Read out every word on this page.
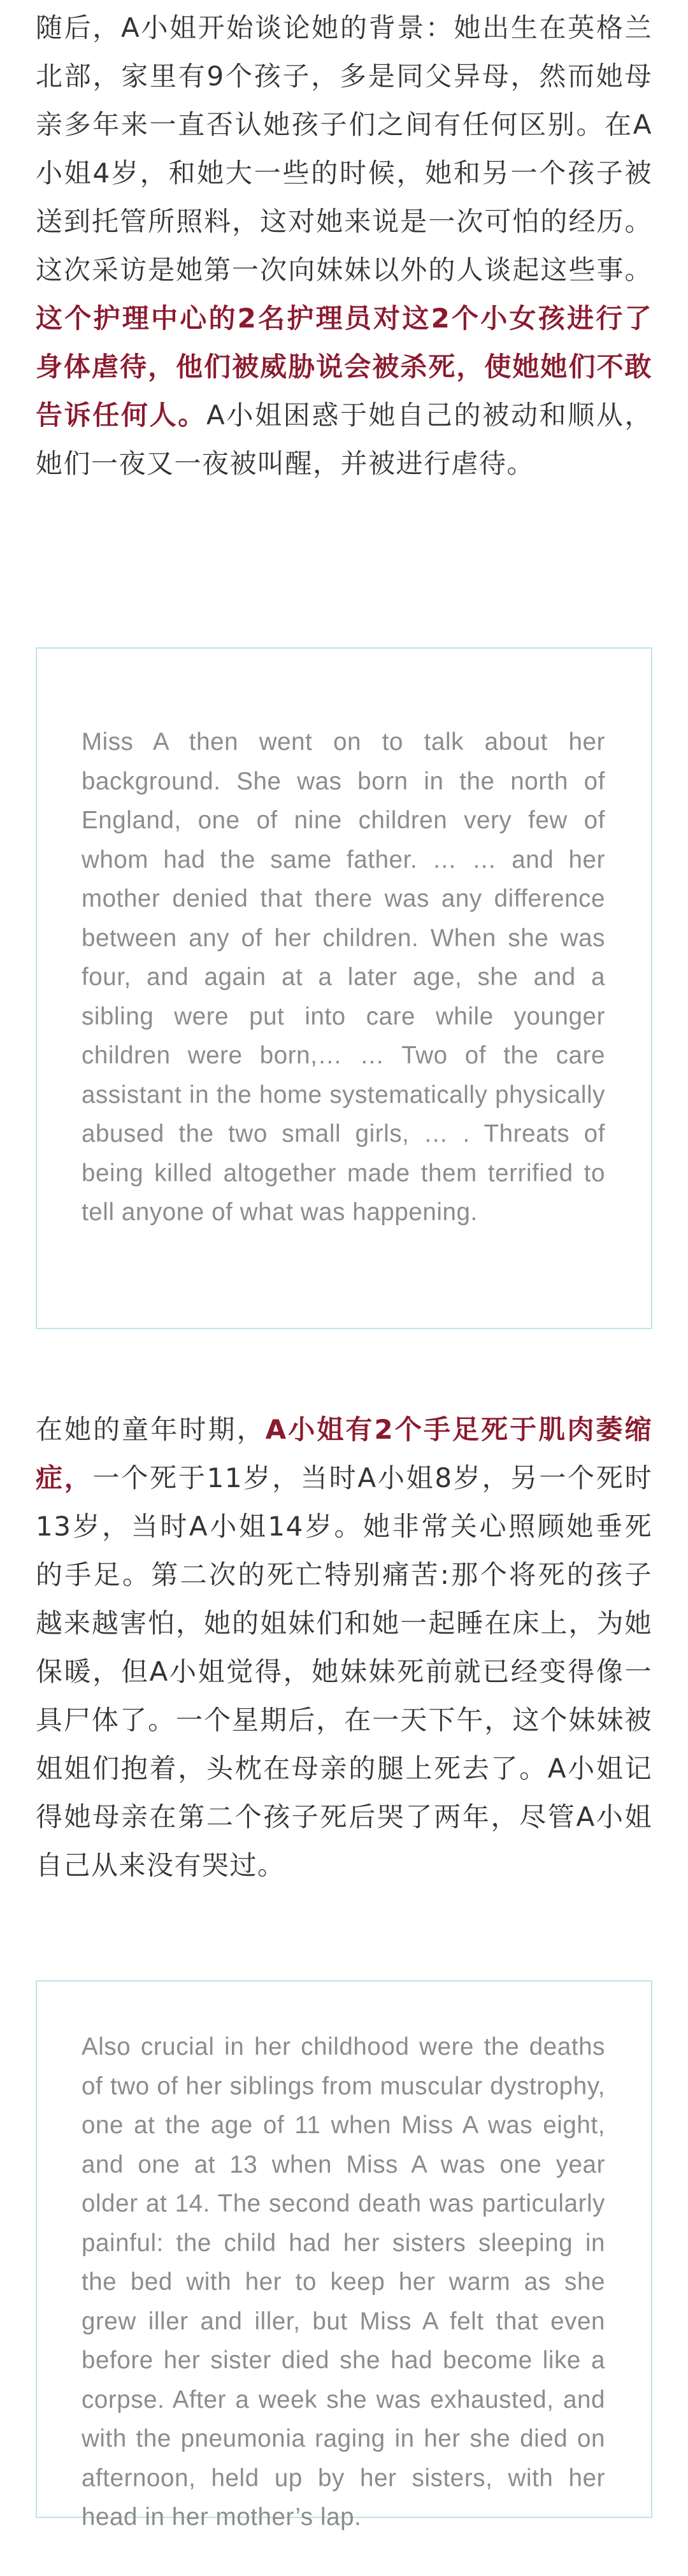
随后，A小姐开始谈论她的背景：她出生在英格兰北部，家里有9个孩子，多是同父异母，然而她母亲多年来一直否认她孩子们之间有任何区别。在A小姐4岁，和她大一些的时候，她和另一个孩子被送到托管所照料，这对她来说是一次可怕的经历。这次采访是她第一次向妹妹以外的人谈起这些事。这个护理中心的2名护理员对这2个小女孩进行了身体虐待，他们被威胁说会被杀死，使她她们不敢告诉任何人。A小姐困惑于她自己的被动和顺从，她们一夜又一夜被叫醒，并被进行虐待。

Miss A then went on to talk about her background. She was born in the north of England, one of nine children very few of whom had the same father. … … and her mother denied that there was any difference between any of her children. When she was four, and again at a later age, she and a sibling were put into care while younger children were born,… … Two of the care assistant in the home systematically physically abused the two small girls, … . Threats of being killed altogether made them terrified to tell anyone of what was happening.

在她的童年时期，A小姐有2个手足死于肌肉萎缩症，一个死于11岁，当时A小姐8岁，另一个死时13岁，当时A小姐14岁。她非常关心照顾她垂死的手足。第二次的死亡特别痛苦:那个将死的孩子越来越害怕，她的姐妹们和她一起睡在床上，为她保暖，但A小姐觉得，她妹妹死前就已经变得像一具尸体了。一个星期后，在一天下午，这个妹妹被姐姐们抱着，头枕在母亲的腿上死去了。A小姐记得她母亲在第二个孩子死后哭了两年，尽管A小姐自己从来没有哭过。

Also crucial in her childhood were the deaths of two of her siblings from muscular dystrophy, one at the age of 11 when Miss A was eight, and one at 13 when Miss A was one year older at 14. The second death was particularly painful: the child had her sisters sleeping in the bed with her to keep her warm as she grew iller and iller, but Miss A felt that even before her sister died she had become like a corpse. After a week she was exhausted, and with the pneumonia raging in her she died on afternoon, held up by her sisters, with her head in her mother’s lap.
